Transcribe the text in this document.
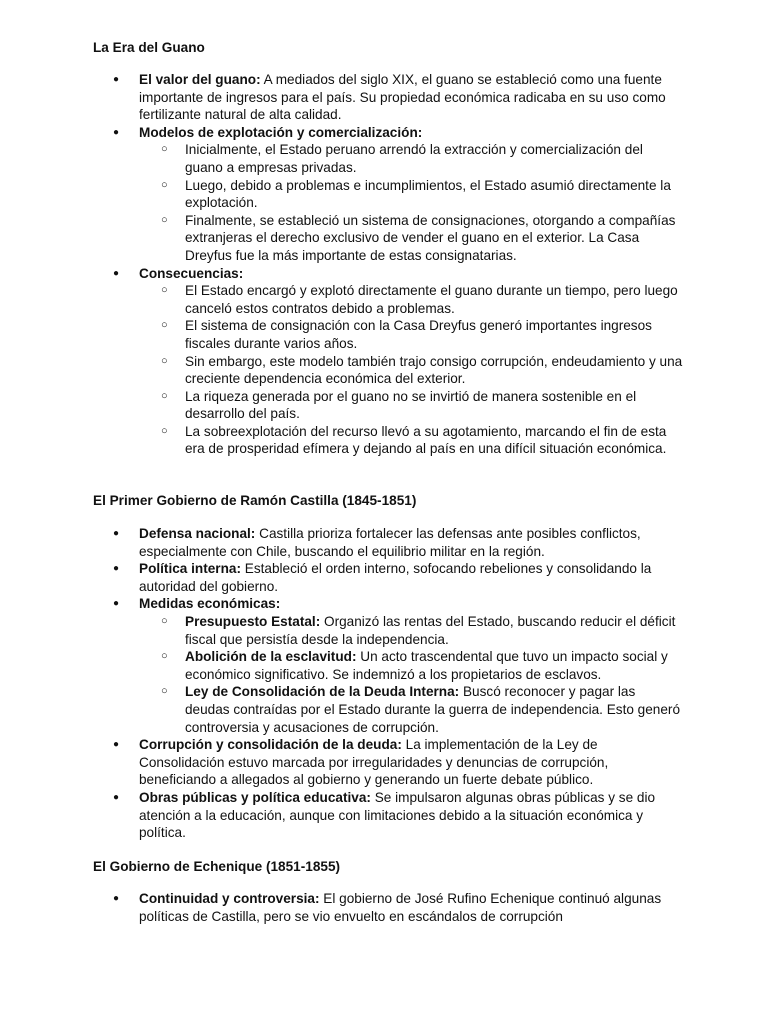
La Era del Guano
● El valor del guano: A mediados del siglo XIX, el guano se estableció como una fuente importante de ingresos para el país. Su propiedad económica radicaba en su uso como fertilizante natural de alta calidad.
● Modelos de explotación y comercialización:
○ Inicialmente, el Estado peruano arrendó la extracción y comercialización del guano a empresas privadas.
○ Luego, debido a problemas e incumplimientos, el Estado asumió directamente la explotación.
○ Finalmente, se estableció un sistema de consignaciones, otorgando a compañías extranjeras el derecho exclusivo de vender el guano en el exterior. La Casa Dreyfus fue la más importante de estas consignatarias.
● Consecuencias:
○ El Estado encargó y explotó directamente el guano durante un tiempo, pero luego canceló estos contratos debido a problemas.
○ El sistema de consignación con la Casa Dreyfus generó importantes ingresos fiscales durante varios años.
○ Sin embargo, este modelo también trajo consigo corrupción, endeudamiento y una creciente dependencia económica del exterior.
○ La riqueza generada por el guano no se invirtió de manera sostenible en el desarrollo del país.
○ La sobreexplotación del recurso llevó a su agotamiento, marcando el fin de esta era de prosperidad efímera y dejando al país en una difícil situación económica.
El Primer Gobierno de Ramón Castilla (1845-1851)
● Defensa nacional: Castilla prioriza fortalecer las defensas ante posibles conflictos, especialmente con Chile, buscando el equilibrio militar en la región.
● Política interna: Estableció el orden interno, sofocando rebeliones y consolidando la autoridad del gobierno.
● Medidas económicas:
○ Presupuesto Estatal: Organizó las rentas del Estado, buscando reducir el déficit fiscal que persistía desde la independencia.
○ Abolición de la esclavitud: Un acto trascendental que tuvo un impacto social y económico significativo. Se indemnizó a los propietarios de esclavos.
○ Ley de Consolidación de la Deuda Interna: Buscó reconocer y pagar las deudas contraídas por el Estado durante la guerra de independencia. Esto generó controversia y acusaciones de corrupción.
● Corrupción y consolidación de la deuda: La implementación de la Ley de Consolidación estuvo marcada por irregularidades y denuncias de corrupción, beneficiando a allegados al gobierno y generando un fuerte debate público.
● Obras públicas y política educativa: Se impulsaron algunas obras públicas y se dio atención a la educación, aunque con limitaciones debido a la situación económica y política.
El Gobierno de Echenique (1851-1855)
● Continuidad y controversia: El gobierno de José Rufino Echenique continuó algunas políticas de Castilla, pero se vio envuelto en escándalos de corrupción
